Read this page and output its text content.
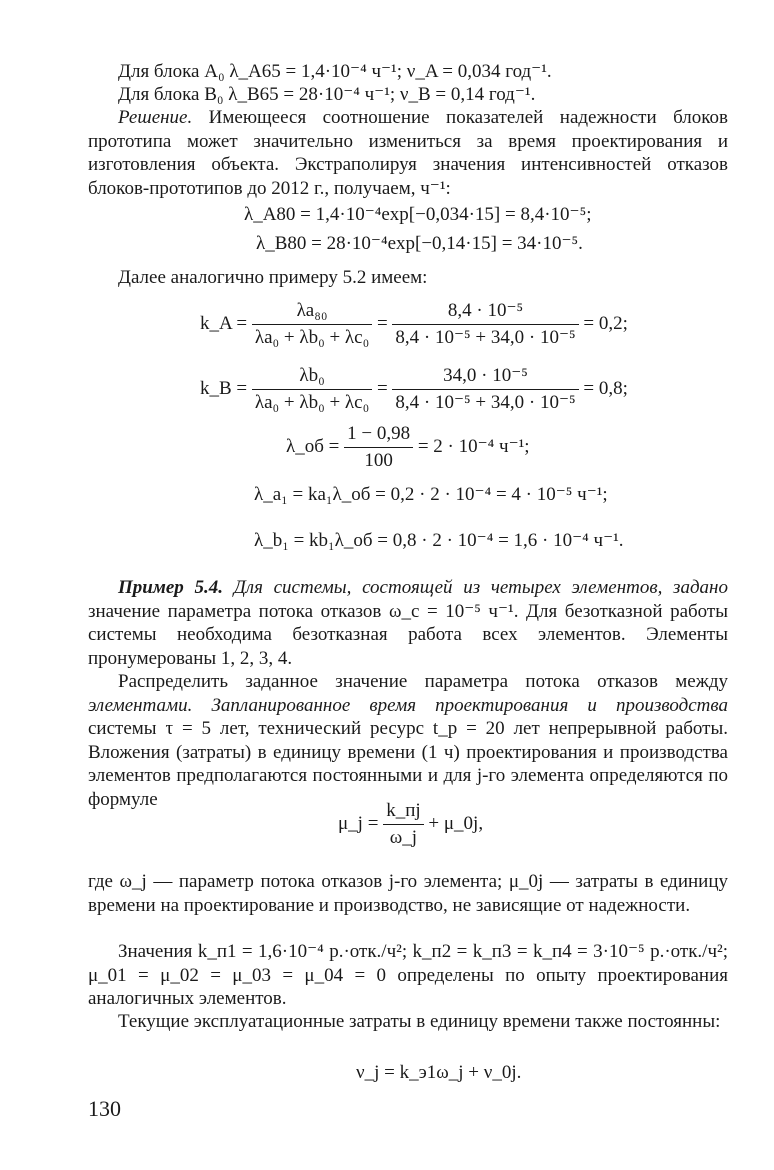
Для блока A₀ λ_A65 = 1,4·10⁻⁴ ч⁻¹; ν_A = 0,034 год⁻¹.

Для блока B₀ λ_B65 = 28·10⁻⁴ ч⁻¹; ν_B = 0,14 год⁻¹.

Решение. Имеющееся соотношение показателей надежности блоков прототипа может значительно измениться за время проектирования и изготовления объекта. Экстраполируя значения интенсивностей отказов блоков-прототипов до 2012 г., получаем, ч⁻¹:

λ_A80 = 1,4·10⁻⁴exp[−0,034·15] = 8,4·10⁻⁵;
λ_B80 = 28·10⁻⁴exp[−0,14·15] = 34·10⁻⁵.

Далее аналогично примеру 5.2 имеем:

k_A = $\frac{\text{λa₈₀}}{\text{λa₀ + λb₀ + λc₀}} = \frac{\text{8,4 · 10⁻⁵}}{\text{8,4 · 10⁻⁵ + 34,0 · 10⁻⁵}} = 0,2$;
k_B = $\frac{\text{λb₀}}{\text{λa₀ + λb₀ + λc₀}} = \frac{\text{34,0 · 10⁻⁵}}{\text{8,4 · 10⁻⁵ + 34,0 · 10⁻⁵}} = 0,8$;
λ_об = $\frac{1 - 0,98}{100} = 2 \cdot 10^{-4}$ ч⁻¹;
λ_a₁ = ka₁λ_об = 0,2 · 2 · 10⁻⁴ = 4 · 10⁻⁵ ч⁻¹;
λ_b₁ = kb₁λ_об = 0,8 · 2 · 10⁻⁴ = 1,6 · 10⁻⁴ ч⁻¹.

Пример 5.4. Для системы, состоящей из четырех элементов, задано значение параметра потока отказов ω_c = 10⁻⁵ ч⁻¹. Для безотказной работы системы необходима безотказная работа всех элементов. Элементы пронумерованы 1, 2, 3, 4.

Распределить заданное значение параметра потока отказов между элементами. Запланированное время проектирования и производства системы τ = 5 лет, технический ресурс t_р = 20 лет непрерывной работы. Вложения (затраты) в единицу времени (1 ч) проектирования и производства элементов предполагаются постоянными и для j-го элемента определяются по формуле

μ_j = $\frac{k\_пj}{\omega\_j}$ + μ_0j,

где ω_j — параметр потока отказов j-го элемента; μ_0j — затраты в единицу времени на проектирование и производство, не зависящие от надежности.

Значения k_п1 = 1,6·10⁻⁴ р.·отк./ч²; k_п2 = k_п3 = k_п4 = 3·10⁻⁵ р.·отк./ч²; μ_01 = μ_02 = μ_03 = μ_04 = 0 определены по опыту проектирования аналогичных элементов.

Текущие эксплуатационные затраты в единицу времени также постоянны:

ν_j = k_э1ω_j + ν_0j.
130
